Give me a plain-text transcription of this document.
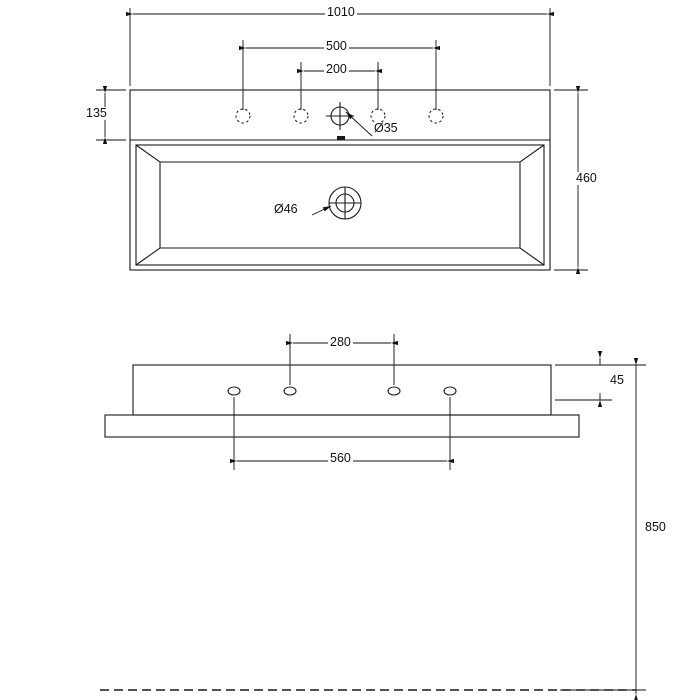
1010
500
200
135
460
Ø35
Ø46
280
560
45
850
